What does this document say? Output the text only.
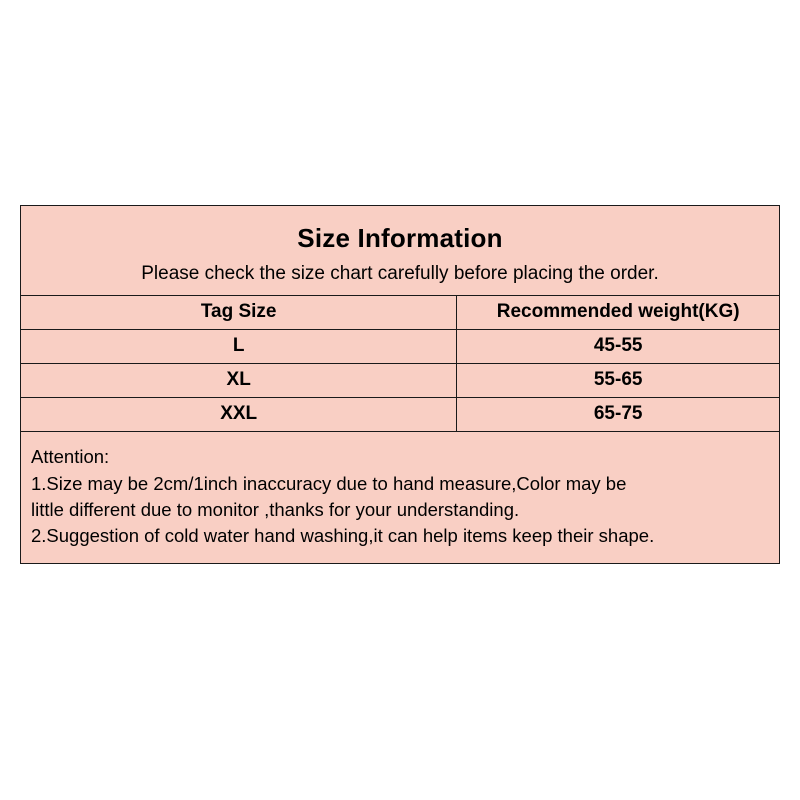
Size Information
Please check the size chart carefully before placing the order.
Tag Size	Recommended weight(KG)
L	45-55
XL	55-65
XXL	65-75
Attention:
1.Size may be 2cm/1inch inaccuracy due to hand measure,Color may be
little different due to monitor ,thanks for your understanding.
2.Suggestion of cold water hand washing,it can help items keep their shape.
